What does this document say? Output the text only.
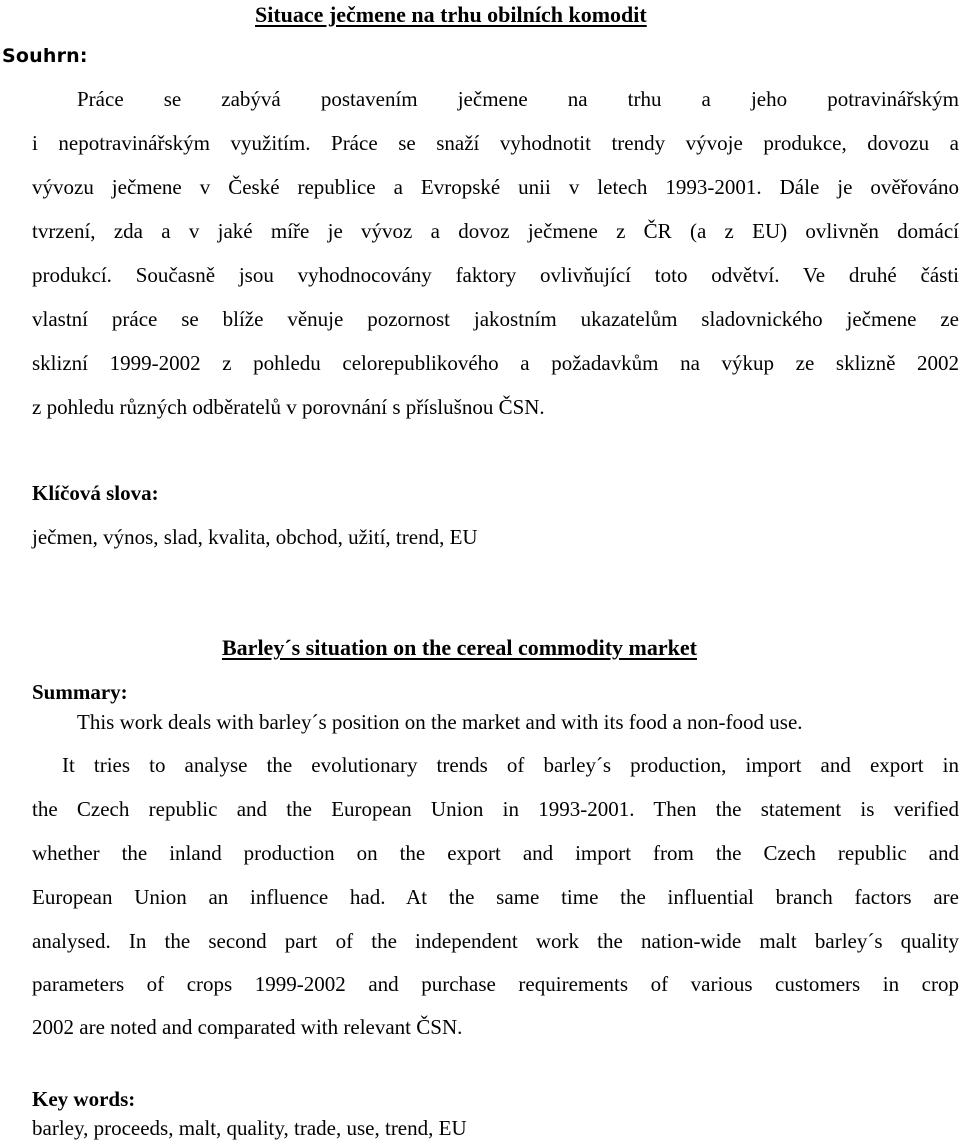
Situace ječmene na trhu obilních komodit
Souhrn:
Práce se zabývá postavením ječmene na trhu a jeho potravinářským
i nepotravinářským využitím. Práce se snaží vyhodnotit trendy vývoje produkce, dovozu a
vývozu ječmene v České republice a Evropské unii v letech 1993-2001. Dále je ověřováno
tvrzení, zda a v jaké míře je vývoz a dovoz ječmene z ČR (a z EU) ovlivněn domácí
produkcí. Současně jsou vyhodnocovány faktory ovlivňující toto odvětví. Ve druhé části
vlastní práce se blíže věnuje pozornost jakostním ukazatelům sladovnického ječmene ze
sklizní 1999-2002 z pohledu celorepublikového a požadavkům na výkup ze sklizně 2002
z pohledu různých odběratelů v porovnání s příslušnou ČSN.
Klíčová slova:
ječmen, výnos, slad, kvalita, obchod, užití, trend, EU
Barley´s situation on the cereal commodity market
Summary:
This work deals with barley´s position on the market and with its food a non-food use.
It tries to analyse the evolutionary trends of barley´s production, import and export in
the Czech republic and the European Union in 1993-2001. Then the statement is verified
whether the inland production on the export and import from the Czech republic and
European Union an influence had. At the same time the influential branch factors are
analysed. In the second part of the independent work the nation-wide malt barley´s quality
parameters of crops 1999-2002 and purchase requirements of various customers in crop
2002 are noted and comparated with relevant ČSN.
Key words:
barley, proceeds, malt, quality, trade, use, trend, EU
